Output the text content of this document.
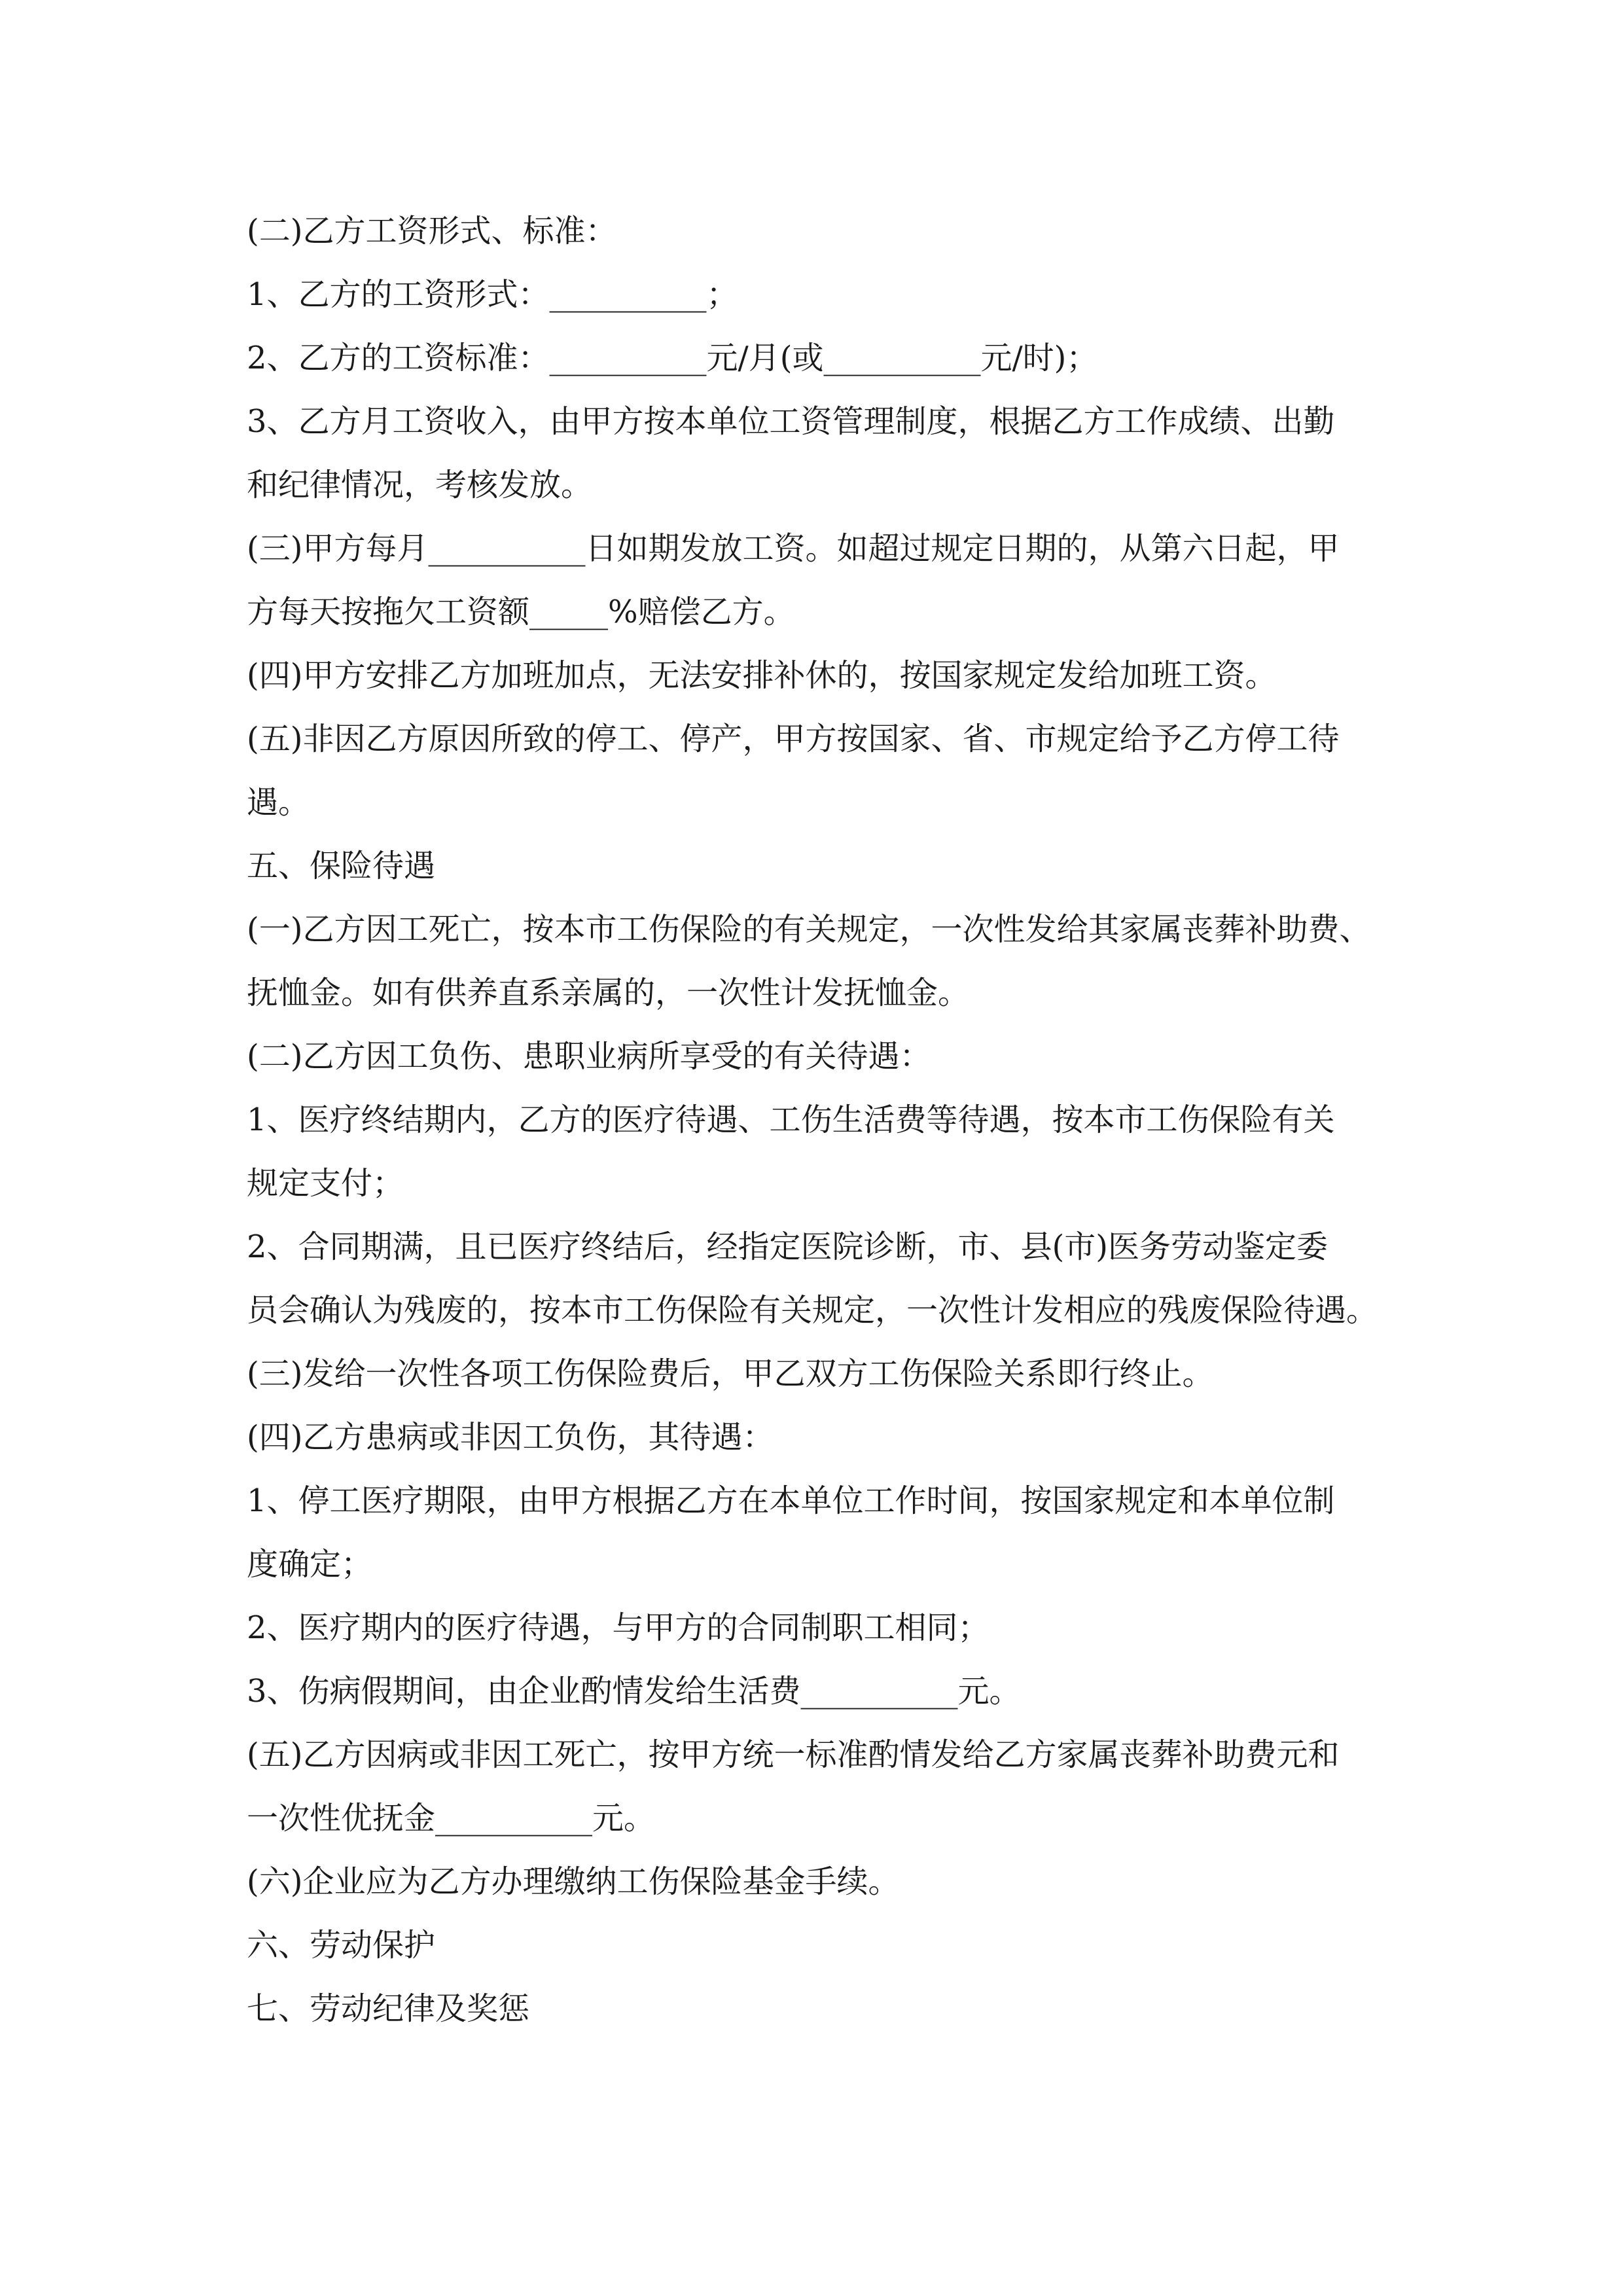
(二)乙方工资形式、标准：
1、乙方的工资形式：__________；
2、乙方的工资标准：__________元/月(或__________元/时)；
3、乙方月工资收入，由甲方按本单位工资管理制度，根据乙方工作成绩、出勤
和纪律情况，考核发放。
(三)甲方每月__________日如期发放工资。如超过规定日期的，从第六日起，甲
方每天按拖欠工资额_____%赔偿乙方。
(四)甲方安排乙方加班加点，无法安排补休的，按国家规定发给加班工资。
(五)非因乙方原因所致的停工、停产，甲方按国家、省、市规定给予乙方停工待
遇。
五、保险待遇
(一)乙方因工死亡，按本市工伤保险的有关规定，一次性发给其家属丧葬补助费、
抚恤金。如有供养直系亲属的，一次性计发抚恤金。
(二)乙方因工负伤、患职业病所享受的有关待遇：
1、医疗终结期内，乙方的医疗待遇、工伤生活费等待遇，按本市工伤保险有关
规定支付；
2、合同期满，且已医疗终结后，经指定医院诊断，市、县(市)医务劳动鉴定委
员会确认为残废的，按本市工伤保险有关规定，一次性计发相应的残废保险待遇。
(三)发给一次性各项工伤保险费后，甲乙双方工伤保险关系即行终止。
(四)乙方患病或非因工负伤，其待遇：
1、停工医疗期限，由甲方根据乙方在本单位工作时间，按国家规定和本单位制
度确定；
2、医疗期内的医疗待遇，与甲方的合同制职工相同；
3、伤病假期间，由企业酌情发给生活费__________元。
(五)乙方因病或非因工死亡，按甲方统一标准酌情发给乙方家属丧葬补助费元和
一次性优抚金__________元。
(六)企业应为乙方办理缴纳工伤保险基金手续。
六、劳动保护
七、劳动纪律及奖惩
